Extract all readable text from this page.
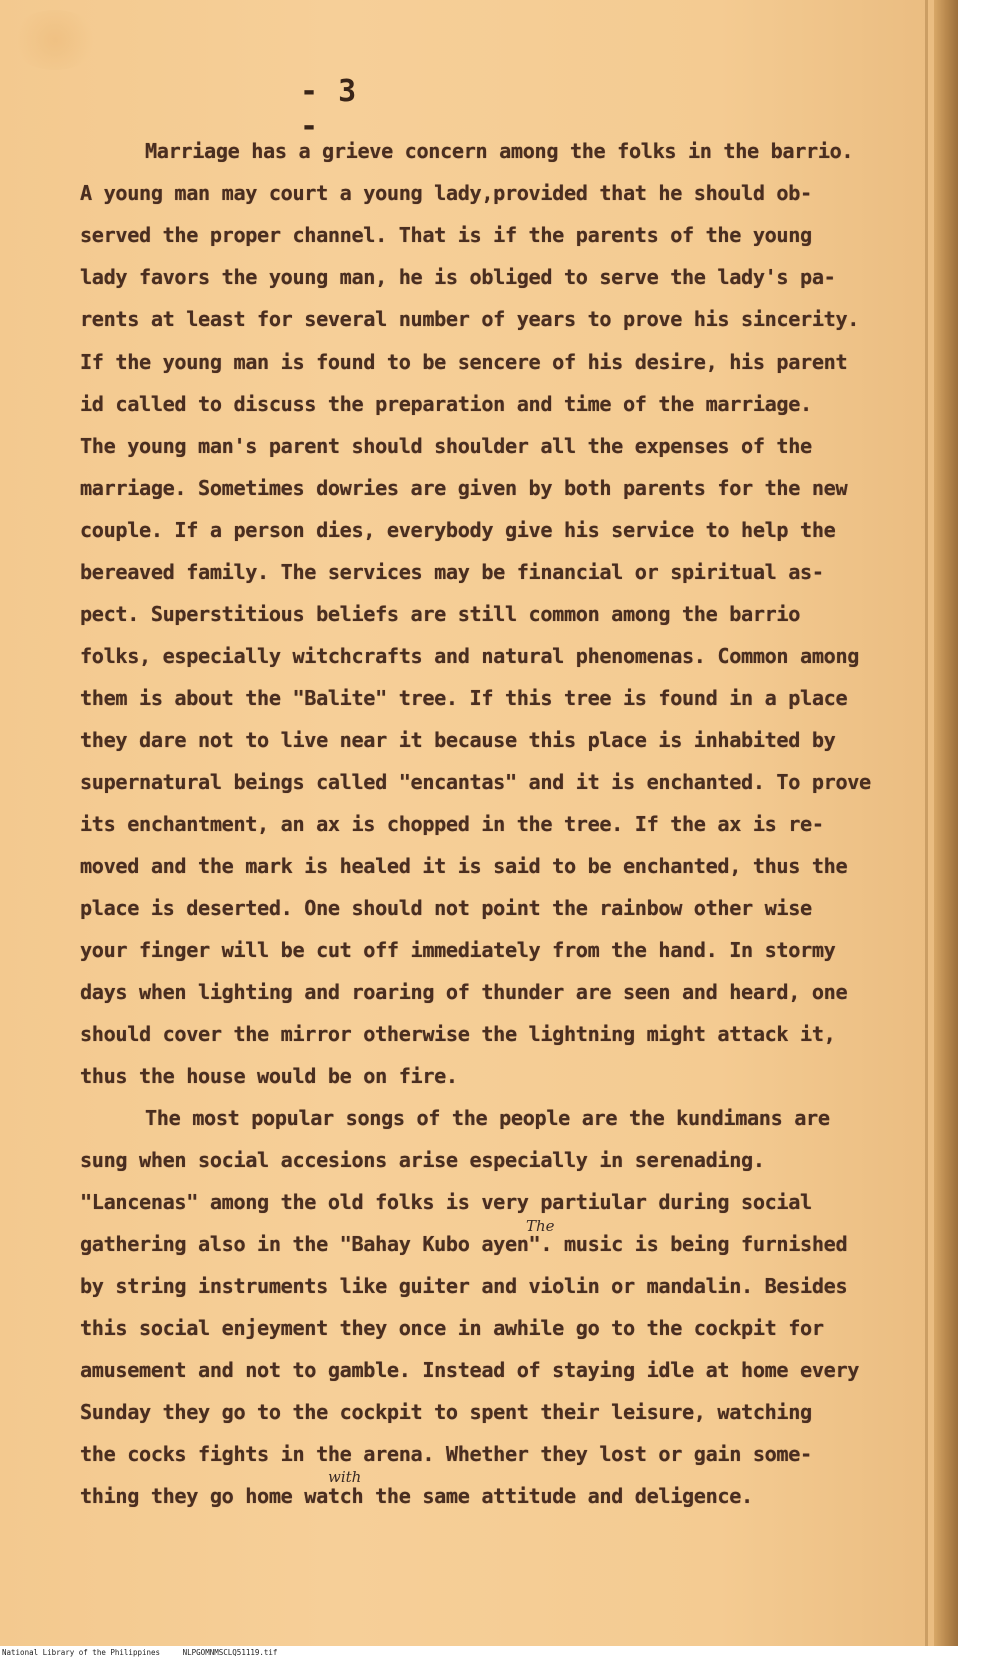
- 3 -
Marriage has a grieve concern among the folks in the barrio.
A young man may court a young lady,provided that he should ob-
served the proper channel. That is if the parents of the young
lady favors the young man, he is obliged to serve the lady's pa-
rents at least for several number of years to prove his sincerity.
If the young man is found to be sencere of his desire, his parent
id called to discuss the preparation and time of the marriage.
The young man's parent should shoulder all the expenses of the
marriage. Sometimes dowries are given by both parents for the new
couple. If a person dies, everybody give his service to help the
bereaved family. The services may be financial or spiritual as-
pect. Superstitious beliefs are still common among the barrio
folks, especially witchcrafts and natural phenomenas. Common among
them is about the "Balite" tree. If this tree is found in a place
they dare not to live near it because this place is inhabited by
supernatural beings called "encantas" and it is enchanted. To prove
its enchantment, an ax is chopped in the tree. If the ax is re-
moved and the mark is healed it is said to be enchanted, thus the
place is deserted. One should not point the rainbow other wise
your finger will be cut off immediately from the hand. In stormy
days when lighting and roaring of thunder are seen and heard, one
should cover the mirror otherwise the lightning might attack it,
thus the house would be on fire.
The most popular songs of the people are the kundimans are
sung when social accesions arise especially in serenading.
"Lancenas" among the old folks is very partiular during social
gathering also in the "Bahay Kubo ayen". music is being furnished
by string instruments like guiter and violin or mandalin. Besides
this social enjeyment they once in awhile go to the cockpit for
amusement and not to gamble. Instead of staying idle at home every
Sunday they go to the cockpit to spent their leisure, watching
the cocks fights in the arena. Whether they lost or gain some-
thing they go home watch the same attitude and deligence.
The
with
National Library of the Philippines     NLPGOMNMSCLQ51119.tif
